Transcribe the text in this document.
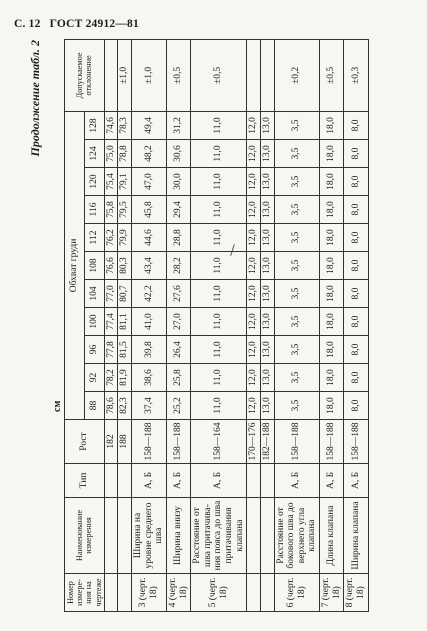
С. 12 ГОСТ 24912—81
Продолжение табл. 2
см
Номер измерения на чертеже	Наименование измерения	Тип	Рост	Обхват груди											Допускаемое отклонение
				88	92	96	100	104	108	112	116	120	124	128	
			182	78,6	78,2	77,8	77,4	77,0	76,6	76,2	75,8	75,4	75,0	74,6	
			188	82,3	81,9	81,5	81,1	80,7	80,3	79,9	79,5	79,1	78,8	78,3	±1,0
3 (черт. 18)	Ширина на уровне среднего шва	А, Б	158—188	37,4	38,6	39,8	41,0	42,2	43,4	44,6	45,8	47,0	48,2	49,4	±1,0
4 (черт. 18)	Ширина внизу	А, Б	158—188	25,2	25,8	26,4	27,0	27,6	28,2	28,8	29,4	30,0	30,6	31,2	±0,5
5 (черт. 18)	Расстояние от шва притачивания пояса до шва притачивания клапана	А, Б	158—164	11,0	11,0	11,0	11,0	11,0	11,0	11,0	11,0	11,0	11,0	11,0	±0,5
			170—176	12,0	12,0	12,0	12,0	12,0	12,0	12,0	12,0	12,0	12,0	12,0	
			182—188	13,0	13,0	13,0	13,0	13,0	13,0	13,0	13,0	13,0	13,0	13,0	
6 (черт. 18)	Расстояние от бокового шва до верхнего угла клапана	А, Б	158—188	3,5	3,5	3,5	3,5	3,5	3,5	3,5	3,5	3,5	3,5	3,5	±0,2
7 (черт. 18)	Длина клапана	А, Б	158—188	18,0	18,0	18,0	18,0	18,0	18,0	18,0	18,0	18,0	18,0	18,0	±0,5
8 (черт. 18)	Ширина клапана	А, Б	158—188	8,0	8,0	8,0	8,0	8,0	8,0	8,0	8,0	8,0	8,0	8,0	±0,3
